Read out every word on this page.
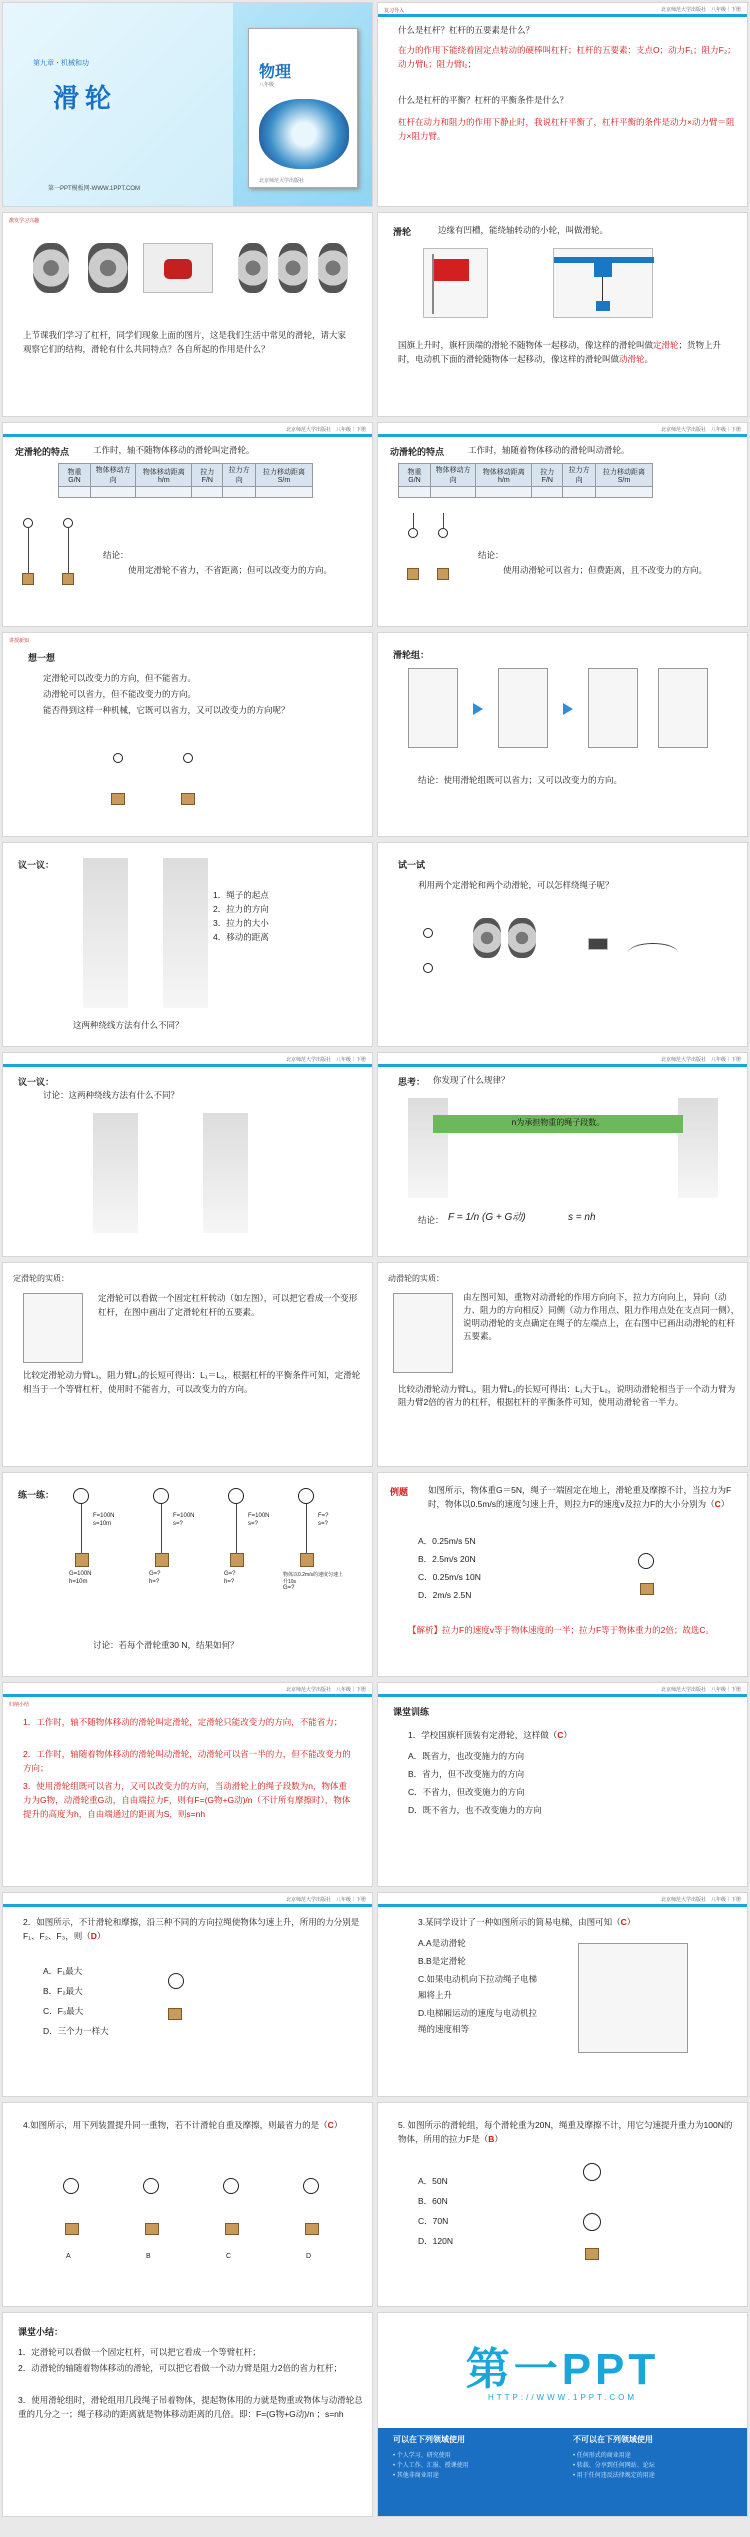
第九章・机械和功
滑轮
第一PPT模板网-WWW.1PPT.COM
物理
八年级
北京师范大学出版社
北京师范大学出版社　八年级｜下册
复习导入
什么是杠杆？杠杆的五要素是什么？
在力的作用下能绕着固定点转动的硬棒叫杠杆；杠杆的五要素：支点O；动力F₁；阻力F₂；动力臂l₁；阻力臂l₂；
什么是杠杆的平衡？杠杆的平衡条件是什么？
杠杆在动力和阻力的作用下静止时，我说杠杆平衡了，杠杆平衡的条件是动力×动力臂＝阻力×阻力臂。
激发学习兴趣
上节课我们学习了杠杆，同学们现象上面的图片，这是我们生活中常见的滑轮，请大家观察它们的结构，滑轮有什么共同特点？各自所起的作用是什么？
滑轮	边缘有凹槽，能绕轴转动的小轮，叫做滑轮。
国旗上升时，旗杆顶端的滑轮不随物体一起移动，像这样的滑轮叫做定滑轮；货物上升时，电动机下面的滑轮随物体一起移动，像这样的滑轮叫做动滑轮。
北京师范大学出版社　八年级｜下册
定滑轮的特点	工作时，轴不随物体移动的滑轮叫定滑轮。
物重G/N	物体移动方向	物体移动距离h/m	拉力F/N	拉力方向	拉力移动距离S/m

结论：
使用定滑轮不省力，不省距离；但可以改变力的方向。
北京师范大学出版社　八年级｜下册
动滑轮的特点	工作时，轴随着物体移动的滑轮叫动滑轮。
物重G/N	物体移动方向	物体移动距离h/m	拉力F/N	拉力方向	拉力移动距离S/m

结论：
使用动滑轮可以省力；但费距离，且不改变力的方向。
讲授新知
想一想
定滑轮可以改变力的方向，但不能省力。
动滑轮可以省力，但不能改变力的方向。
能否得到这样一种机械，它既可以省力，又可以改变力的方向呢？
滑轮组：
结论：使用滑轮组既可以省力；又可以改变力的方向。
议一议：
1．绳子的起点
2．拉力的方向
3．拉力的大小
4．移动的距离
这两种绕线方法有什么不同？
试一试
利用两个定滑轮和两个动滑轮，可以怎样绕绳子呢？
北京师范大学出版社　八年级｜下册
议一议：
讨论：这两种绕线方法有什么不同？
北京师范大学出版社　八年级｜下册
思考： 你发现了什么规律？
n为承担物重的绳子段数。
结论： F = 1/n (G + G动)	s = nh
定滑轮的实质：
定滑轮可以看做一个固定杠杆转动（如左图），可以把它看成一个变形杠杆，在图中画出了定滑轮杠杆的五要素。
比较定滑轮动力臂L₁，阻力臂L₂的长短可得出：L₁＝L₂，根据杠杆的平衡条件可知，定滑轮相当于一个等臂杠杆，使用时不能省力，可以改变力的方向。
动滑轮的实质：
由左图可知，重物对动滑轮的作用方向向下，拉力方向向上，异向（动力、阻力的方向相反）同侧（动力作用点、阻力作用点处在支点同一侧），说明动滑轮的支点确定在绳子的左端点上，在右图中已画出动滑轮的杠杆五要素。
比较动滑轮动力臂L₁，阻力臂L₂的长短可得出：L₁大于L₂，说明动滑轮相当于一个动力臂为阻力臂2倍的省力的杠杆，根据杠杆的平衡条件可知，使用动滑轮省一半力。
练一练：
F=100N
s=10m
G=100N
h=10m
F=100N
s=?
G=?
h=?
F=100N
s=?
G=?
h=?
F=?
s=?
物体以0.2m/s的速度匀速上升10s
G=?
讨论：若每个滑轮重30 N，结果如何？
例题 如图所示，物体重G＝5N，绳子一端固定在地上，滑轮重及摩擦不计，当拉力为F时，物体以0.5m/s的速度匀速上升，则拉力F的速度v及拉力F的大小分别为（C）
A．0.25m/s 5N
B．2.5m/s 20N
C．0.25m/s 10N
D．2m/s 2.5N
【解析】拉力F的速度v等于物体速度的一半；拉力F等于物体重力的2倍；故选C。
北京师范大学出版社　八年级｜下册
归纳小结
1．工作时，轴不随物体移动的滑轮叫定滑轮，定滑轮只能改变力的方向，不能省力；
2．工作时，轴随着物体移动的滑轮叫动滑轮，动滑轮可以省一半的力，但不能改变力的方向；
3．使用滑轮组既可以省力，又可以改变力的方向，当动滑轮上的绳子段数为n，物体重力为G物，动滑轮重G动，自由端拉力F，则有F=(G物+G动)/n（不计所有摩擦时），物体提升的高度为h，自由端通过的距离为S，则s=nh
北京师范大学出版社　八年级｜下册
课堂训练
1．学校国旗杆顶装有定滑轮，这样做（C）
A．既省力，也改变施力的方向
B．省力，但不改变施力的方向
C．不省力，但改变施力的方向
D．既不省力，也不改变施力的方向
北京师范大学出版社　八年级｜下册
2．如图所示，不计滑轮和摩擦，沿三种不同的方向拉绳使物体匀速上升，所用的力分别是F₁、F₂、F₃，则（D）
A．F₁最大
B．F₂最大
C．F₃最大
D．三个力一样大
北京师范大学出版社　八年级｜下册
3.某同学设计了一种如图所示的简易电梯，由图可知（C）
A.A是动滑轮
B.B是定滑轮
C.如果电动机向下拉动绳子电梯厢将上升
D.电梯厢运动的速度与电动机拉绳的速度相等
4.如图所示，用下列装置提升同一重物，若不计滑轮自重及摩擦，则最省力的是（C）
A	B	C	D
5. 如图所示的滑轮组，每个滑轮重为20N，绳重及摩擦不计，用它匀速提升重力为100N的物体，所用的拉力F是（B）
A．50N
B．60N
C．70N
D．120N
课堂小结：
1．定滑轮可以看做一个固定杠杆，可以把它看成一个等臂杠杆；
2．动滑轮的轴随着物体移动的滑轮，可以把它看做一个动力臂是阻力2倍的省力杠杆；
3．使用滑轮组时，滑轮组用几段绳子吊着物体，提起物体用的力就是物重或物体与动滑轮总重的几分之一；绳子移动的距离就是物体移动距离的几倍。即：F=(G物+G动)/n ；s=nh
第一PPT
HTTP://WWW.1PPT.COM
可以在下列领域使用
• 个人学习、研究使用
• 个人工作、汇报、授课使用
• 其他非商业用途
不可以在下列领域使用
• 任何形式的商业用途
• 转载、分享到任何网站、论坛
• 用于任何违反法律规定的用途
